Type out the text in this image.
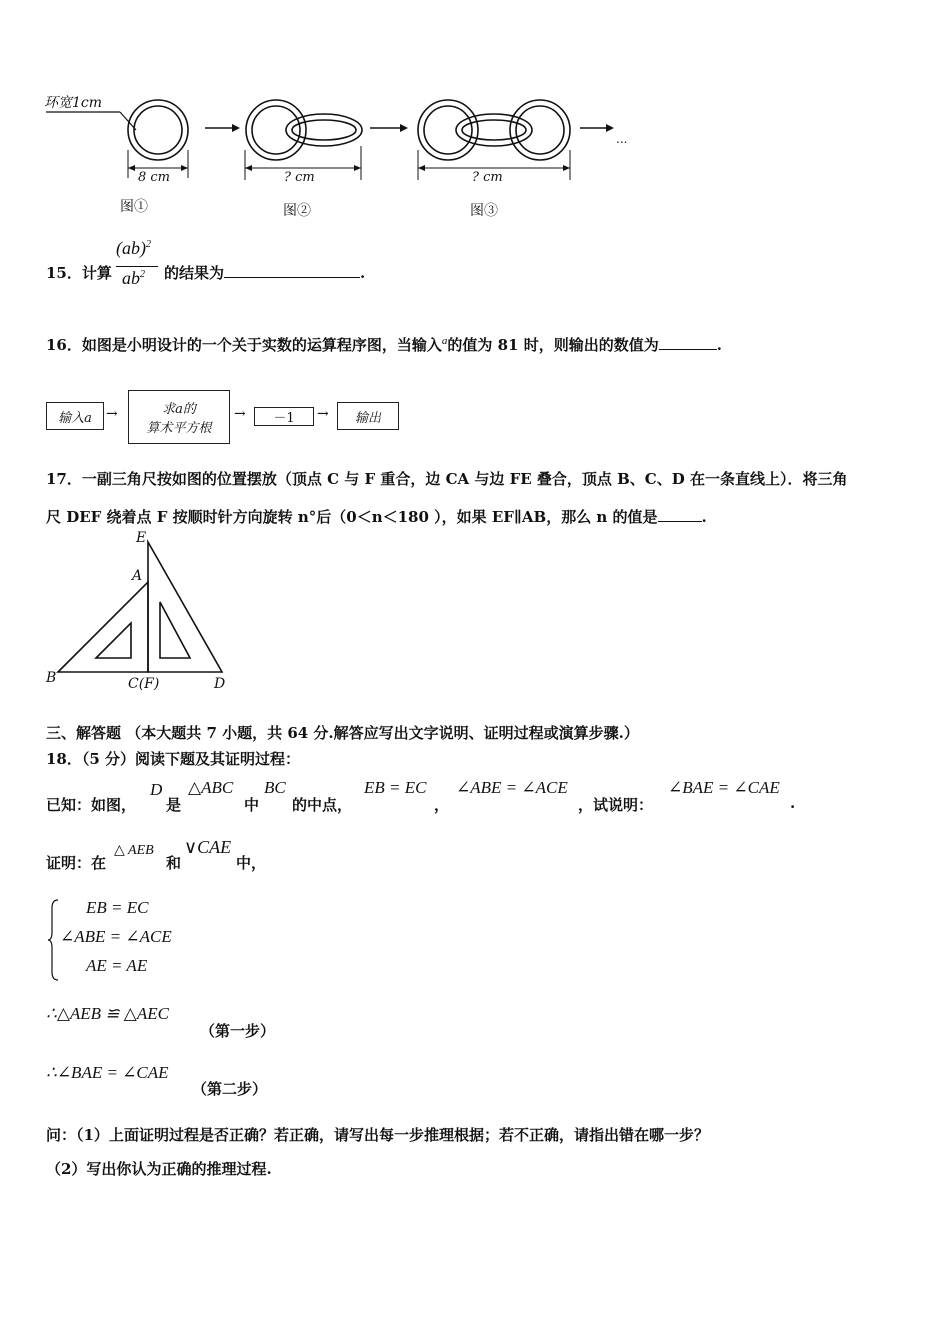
环宽1cm
8 cm	? cm	? cm
图①	图②	图③
...
15．计算
(ab)$^2$
$ab^2$ 的结果为	.
16．如图是小明设计的一个关于实数的运算程序图，当输入$^a$的值为 81 时，则输出的数值为	.
输入a	→	求a的
算术平方根
→	－1	→	输出
17．一副三角尺按如图的位置摆放（顶点 C 与 F 重合，边 CA 与边 FE 叠合，顶点 B、C、D 在一条直线上）．将三角
尺 DEF 绕着点 F 按顺时针方向旋转 n°后（0＜n＜180 ），如果 EF∥AB，那么 n 的值是	.
E
A
B	C(F)	D
三、解答题 （本大题共 7 小题，共 64 分.解答应写出文字说明、证明过程或演算步骤.）
18．（5 分）阅读下题及其证明过程：
已知：如图，
D
是
△ABC
中
BC
的中点，
EB = EC
，
∠ABE = ∠ACE
，试说明：
∠BAE = ∠CAE
.
证明：在
△ AEB
和
∨CAE
中，
EB = EC
∠ABE = ∠ACE
AE = AE
∴△AEB ≌ △AEC
（第一步）
∴∠BAE = ∠CAE
（第二步）
问：（1）上面证明过程是否正确？若正确，请写出每一步推理根据；若不正确，请指出错在哪一步？
（2）写出你认为正确的推理过程.
